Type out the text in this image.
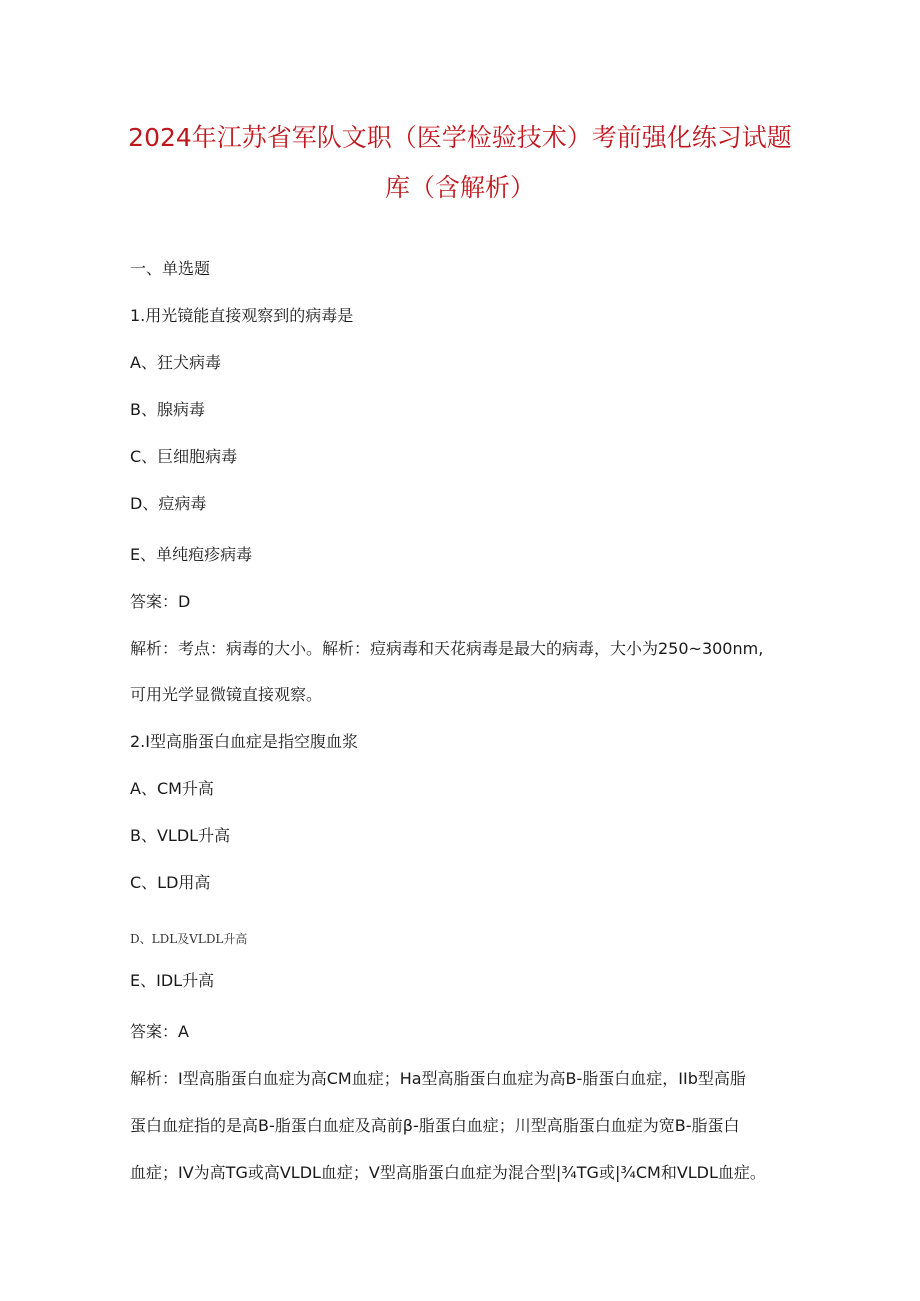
2024年江苏省军队文职（医学检验技术）考前强化练习试题
库（含解析）
一、单选题
1.用光镜能直接观察到的病毒是
A、狂犬病毒
B、腺病毒
C、巨细胞病毒
D、痘病毒
E、单纯疱疹病毒
答案：D
解析：考点：病毒的大小。解析：痘病毒和天花病毒是最大的病毒，大小为250~300nm,
可用光学显微镜直接观察。
2.I型高脂蛋白血症是指空腹血浆
A、CM升高
B、VLDL升高
C、LD用高
D、LDL及VLDL升高
E、IDL升高
答案：A
解析：I型高脂蛋白血症为高CM血症；Ha型高脂蛋白血症为高B-脂蛋白血症，IIb型高脂
蛋白血症指的是高B-脂蛋白血症及高前β-脂蛋白血症；川型高脂蛋白血症为宽B-脂蛋白
血症；IV为高TG或高VLDL血症；V型高脂蛋白血症为混合型|¾TG或|¾CM和VLDL血症。
